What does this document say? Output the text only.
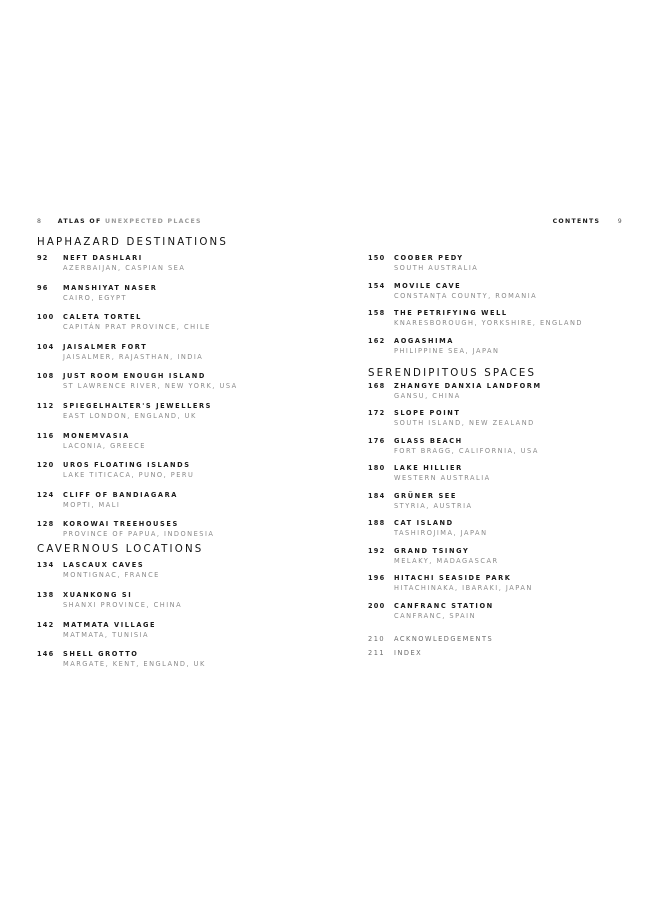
8 ATLAS OF UNEXPECTED PLACES	CONTENTS	9
HAPHAZARD DESTINATIONS
92	NEFT DASHLARI
AZERBAIJAN, CASPIAN SEA
96	MANSHIYAT NASER
CAIRO, EGYPT
100	CALETA TORTEL
CAPITÁN PRAT PROVINCE, CHILE
104	JAISALMER FORT
JAISALMER, RAJASTHAN, INDIA
108	JUST ROOM ENOUGH ISLAND
ST LAWRENCE RIVER, NEW YORK, USA
112	SPIEGELHALTER'S JEWELLERS
EAST LONDON, ENGLAND, UK
116	MONEMVASIA
LACONIA, GREECE
120	UROS FLOATING ISLANDS
LAKE TITICACA, PUNO, PERU
124	CLIFF OF BANDIAGARA
MOPTI, MALI
128	KOROWAI TREEHOUSES
PROVINCE OF PAPUA, INDONESIA
CAVERNOUS LOCATIONS
134	LASCAUX CAVES
MONTIGNAC, FRANCE
138	XUANKONG SI
SHANXI PROVINCE, CHINA
142	MATMATA VILLAGE
MATMATA, TUNISIA
146	SHELL GROTTO
MARGATE, KENT, ENGLAND, UK
150	COOBER PEDY
SOUTH AUSTRALIA
154	MOVILE CAVE
CONSTANȚA COUNTY, ROMANIA
158	THE PETRIFYING WELL
KNARESBOROUGH, YORKSHIRE, ENGLAND
162	AOGASHIMA
PHILIPPINE SEA, JAPAN
SERENDIPITOUS SPACES
168	ZHANGYE DANXIA LANDFORM
GANSU, CHINA
172	SLOPE POINT
SOUTH ISLAND, NEW ZEALAND
176	GLASS BEACH
FORT BRAGG, CALIFORNIA, USA
180	LAKE HILLIER
WESTERN AUSTRALIA
184	GRÜNER SEE
STYRIA, AUSTRIA
188	CAT ISLAND
TASHIROJIMA, JAPAN
192	GRAND TSINGY
MELAKY, MADAGASCAR
196	HITACHI SEASIDE PARK
HITACHINAKA, IBARAKI, JAPAN
200	CANFRANC STATION
CANFRANC, SPAIN
210	ACKNOWLEDGEMENTS
211	INDEX
